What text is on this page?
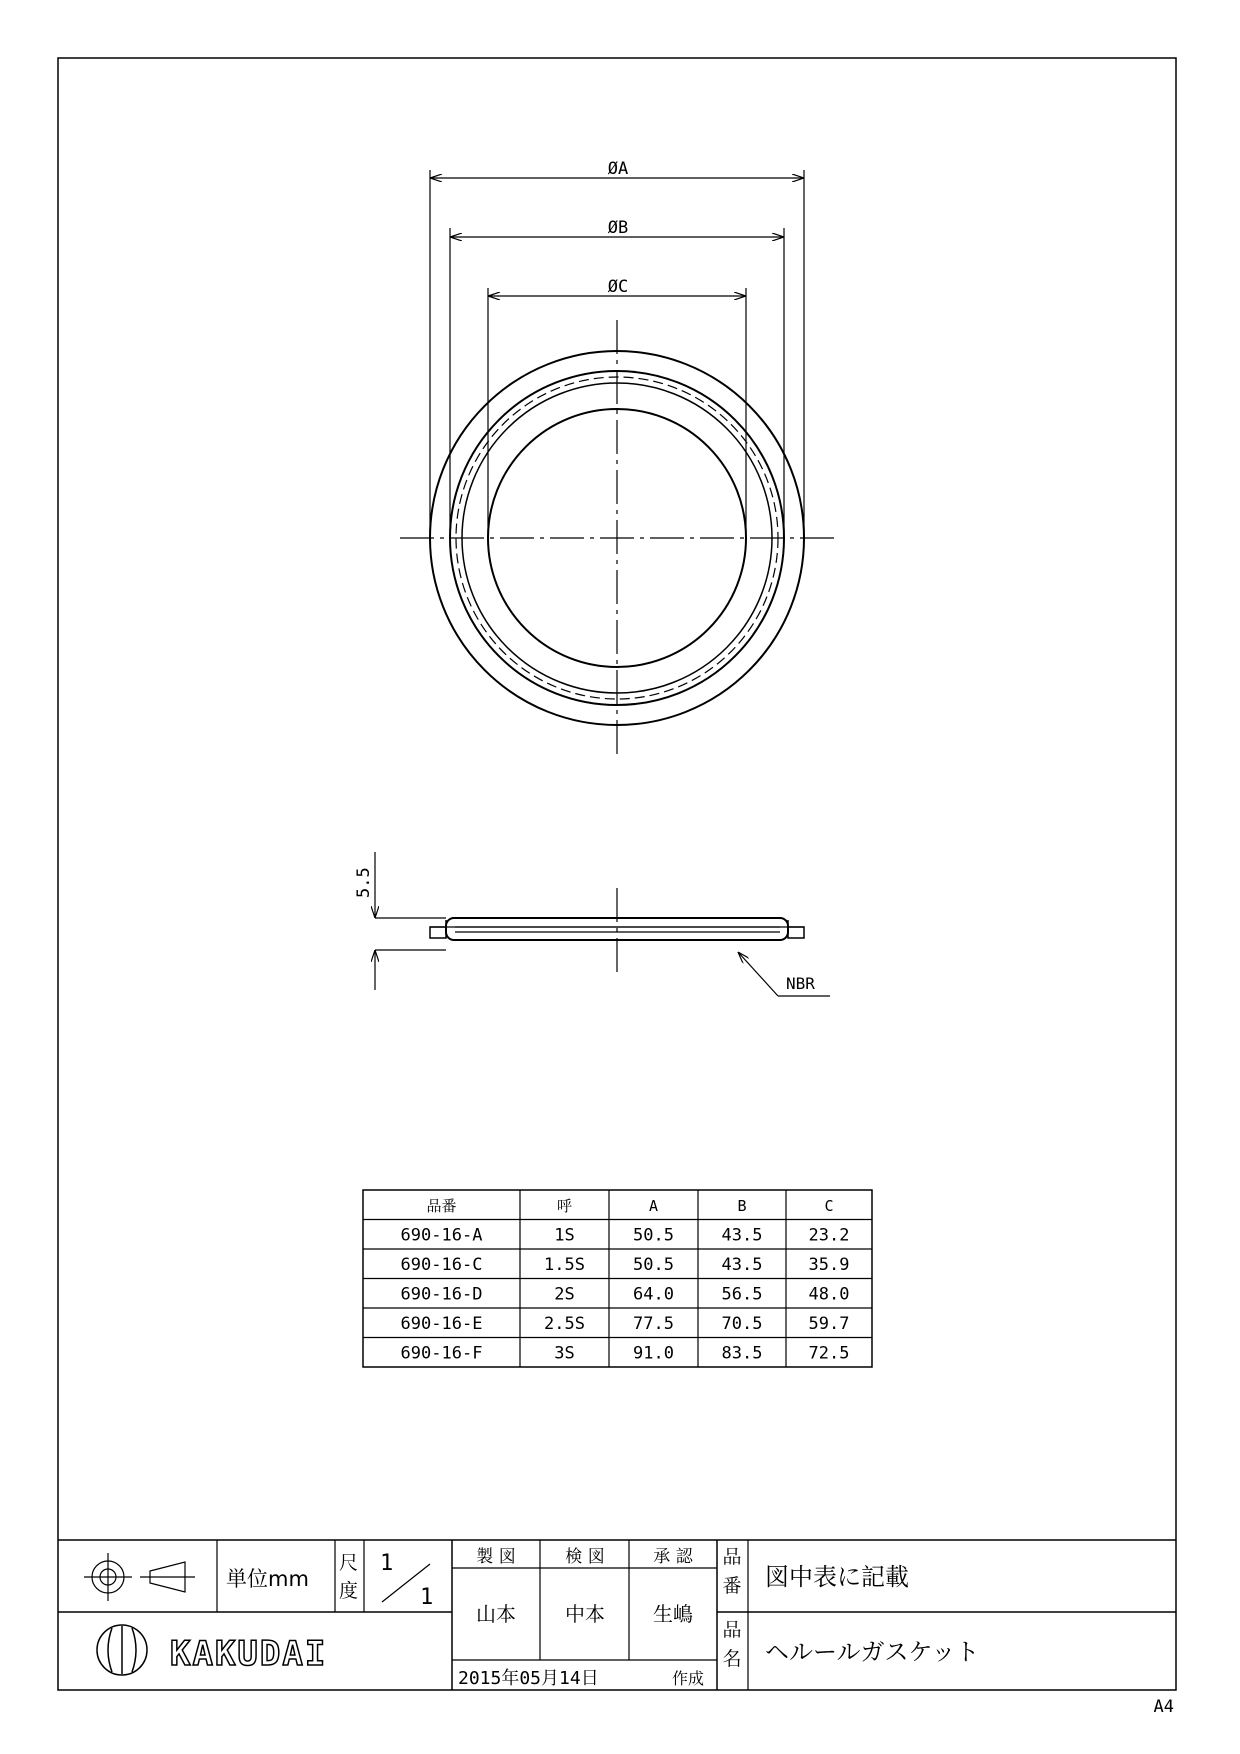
ØA
ØB
ØC
5.5
NBR
品番	呼	A	B	C
690-16-A	1S	50.5	43.5	23.2
690-16-C	1.5S	50.5	43.5	35.9
690-16-D	2S	64.0	56.5	48.0
690-16-E	2.5S	77.5	70.5	59.7
690-16-F	3S	91.0	83.5	72.5
単位mm
尺
度
1
1
製 図	検 図	承 認
山本 中本 生嶋
2015年05月14日	作成
品
番
品
名
図中表に記載
ヘルールガスケット
KAKUDAI
A4
